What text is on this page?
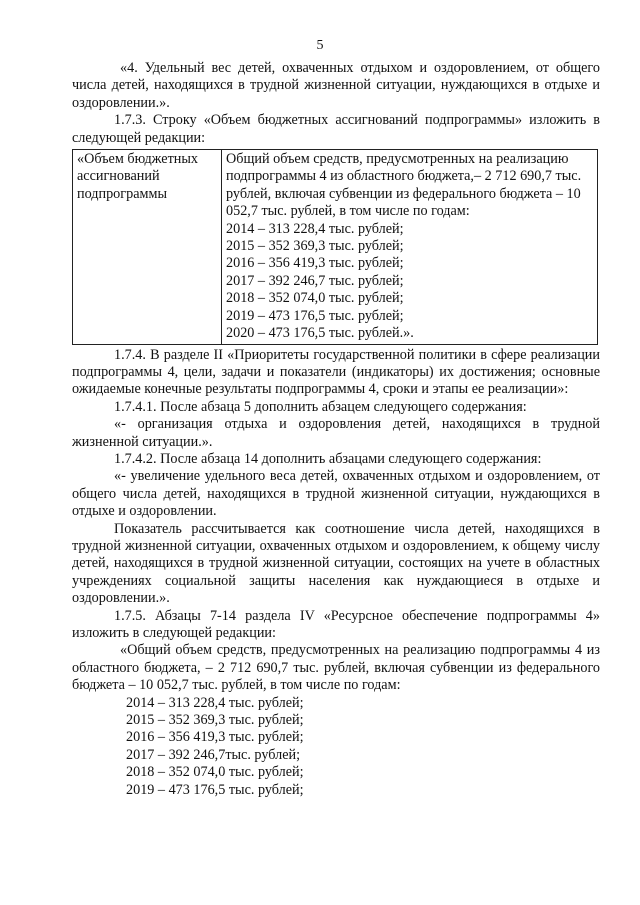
5

«4. Удельный вес детей, охваченных отдыхом и оздоровлением, от общего числа детей, находящихся в трудной жизненной ситуации, нуждающихся в отдыхе и оздоровлении.».

1.7.3. Строку «Объем бюджетных ассигнований подпрограммы» изложить в следующей редакции:

«Объем бюджетных ассигнований подпрограммы	Общий объем средств, предусмотренных на реализацию подпрограммы 4 из областного бюджета,– 2 712 690,7 тыс. рублей, включая субвенции из федерального бюджета – 10 052,7 тыс. рублей, в том числе по годам:
2014 – 313 228,4 тыс. рублей;
2015 – 352 369,3 тыс. рублей;
2016 – 356 419,3 тыс. рублей;
2017 – 392 246,7 тыс. рублей;
2018 – 352 074,0 тыс. рублей;
2019 – 473 176,5 тыс. рублей;
2020 – 473 176,5 тыс. рублей.».

1.7.4. В разделе II «Приоритеты государственной политики в сфере реализации подпрограммы 4, цели, задачи и показатели (индикаторы) их достижения; основные ожидаемые конечные результаты подпрограммы 4, сроки и этапы ее реализации»:

1.7.4.1. После абзаца 5 дополнить абзацем следующего содержания:

«- организация отдыха и оздоровления детей, находящихся в трудной жизненной ситуации.».

1.7.4.2. После абзаца 14 дополнить абзацами следующего содержания:

«- увеличение удельного веса детей, охваченных отдыхом и оздоровлением, от общего числа детей, находящихся в трудной жизненной ситуации, нуждающихся в отдыхе и оздоровлении.

Показатель рассчитывается как соотношение числа детей, находящихся в трудной жизненной ситуации, охваченных отдыхом и оздоровлением, к общему числу детей, находящихся в трудной жизненной ситуации, состоящих на учете в областных учреждениях социальной защиты населения как нуждающиеся в отдыхе и оздоровлении.».

1.7.5. Абзацы 7-14 раздела IV «Ресурсное обеспечение подпрограммы 4» изложить в следующей редакции:

«Общий объем средств, предусмотренных на реализацию подпрограммы 4 из областного бюджета, – 2 712 690,7 тыс. рублей, включая субвенции из федерального бюджета – 10 052,7 тыс. рублей, в том числе по годам:

2014 – 313 228,4 тыс. рублей;
2015 – 352 369,3 тыс. рублей;
2016 – 356 419,3 тыс. рублей;
2017 – 392 246,7тыс. рублей;
2018 – 352 074,0 тыс. рублей;
2019 – 473 176,5 тыс. рублей;
